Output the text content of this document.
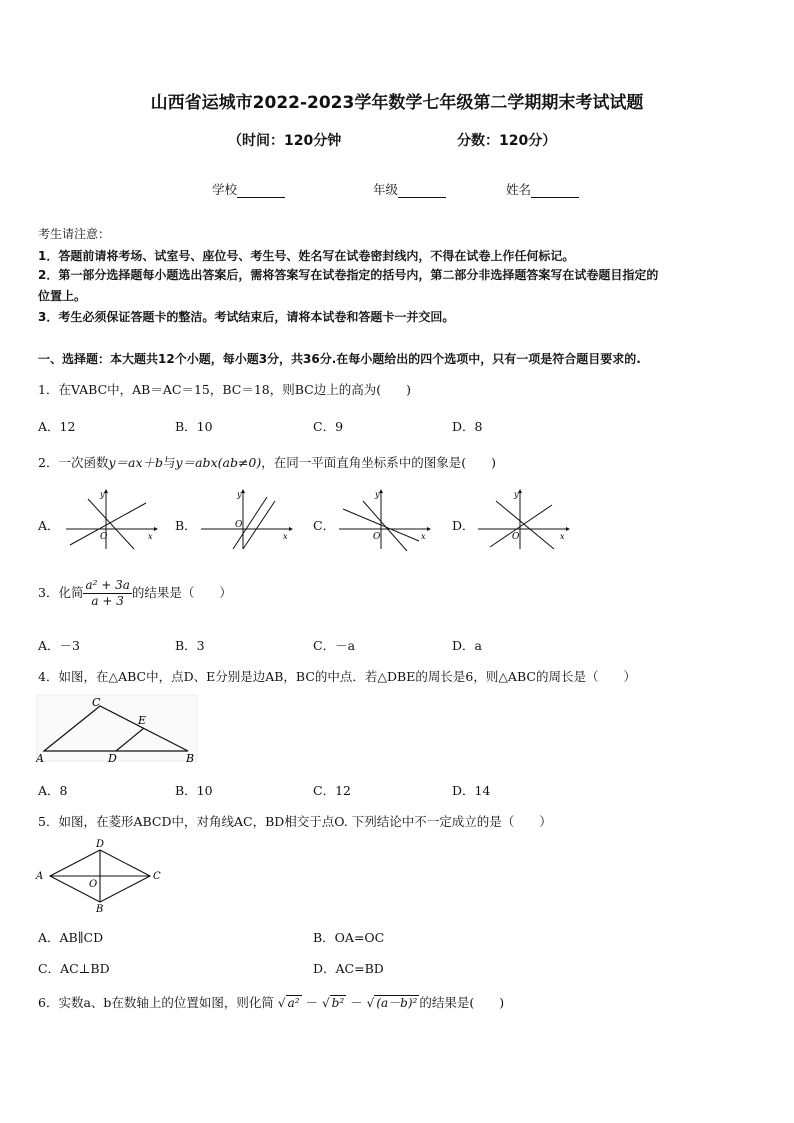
山西省运城市2022-2023学年数学七年级第二学期期末考试试题
（时间：120分钟	分数：120分）
学校	年级	姓名
考生请注意：
1．答题前请将考场、试室号、座位号、考生号、姓名写在试卷密封线内，不得在试卷上作任何标记。
2．第一部分选择题每小题选出答案后，需将答案写在试卷指定的括号内，第二部分非选择题答案写在试卷题目指定的
位置上。
3．考生必须保证答题卡的整洁。考试结束后，请将本试卷和答题卡一并交回。
一、选择题：本大题共12个小题，每小题3分，共36分.在每小题给出的四个选项中，只有一项是符合题目要求的.
1．在VABC中，AB＝AC＝15，BC＝18，则BC边上的高为(　　)
A．12	B．10	C．9	D．8
2．一次函数y＝ax＋b与y＝abx(ab≠0)，在同一平面直角坐标系中的图象是(　　)
A．	B．	C．	D．
y
x
O
y
x
O
y
x
O
y
x
O
3．化简 $\frac{\text{a² + 3a}}{a + 3}$ 的结果是（　　）
A．－3	B．3	C．－a	D．a
4．如图，在△ABC中，点D、E分别是边AB，BC的中点．若△DBE的周长是6，则△ABC的周长是（　　）
A
C
E
D	B
A．8	B．10	C．12	D．14
5．如图，在菱形ABCD中，对角线AC，BD相交于点O. 下列结论中不一定成立的是（　　）
A
D
C
B
O
A．AB∥CD	B．OA=OC
C．AC⊥BD	D．AC=BD
6．实数a、b在数轴上的位置如图，则化简 √ a² － √ b² － √ (a－b)² 的结果是(　　)
